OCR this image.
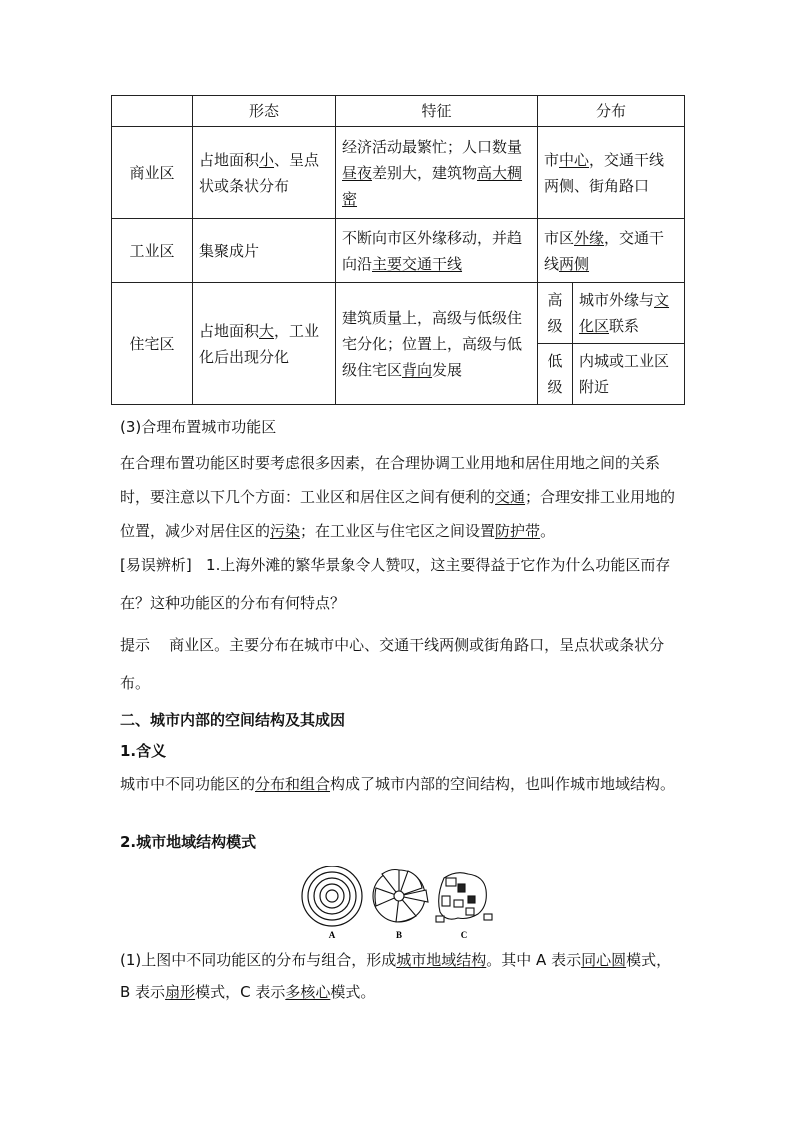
	形态	特征	分布	
商业区	占地面积小、呈点状或条状分布	经济活动最繁忙；人口数量昼夜差别大，建筑物高大稠密	市中心，交通干线两侧、街角路口	
工业区	集聚成片	不断向市区外缘移动，并趋向沿主要交通干线	市区外缘，交通干线两侧	
住宅区	占地面积大，工业化后出现分化	建筑质量上，高级与低级住宅分化；位置上，高级与低级住宅区背向发展	高级	城市外缘与文化区联系
			低级	内城或工业区附近

(3)合理布置城市功能区

在合理布置功能区时要考虑很多因素，在合理协调工业用地和居住用地之间的关系时，要注意以下几个方面：工业区和居住区之间有便利的交通；合理安排工业用地的位置，减少对居住区的污染；在工业区与住宅区之间设置防护带。

[易误辨析] 1.上海外滩的繁华景象令人赞叹，这主要得益于它作为什么功能区而存在？这种功能区的分布有何特点？

提示 商业区。主要分布在城市中心、交通干线两侧或街角路口，呈点状或条状分布。

二、城市内部的空间结构及其成因

1.含义

城市中不同功能区的分布和组合构成了城市内部的空间结构，也叫作城市地域结构。

2.城市地域结构模式

A	B	C

(1)上图中不同功能区的分布与组合，形成城市地域结构。其中 A 表示同心圆模式，B 表示扇形模式，C 表示多核心模式。
